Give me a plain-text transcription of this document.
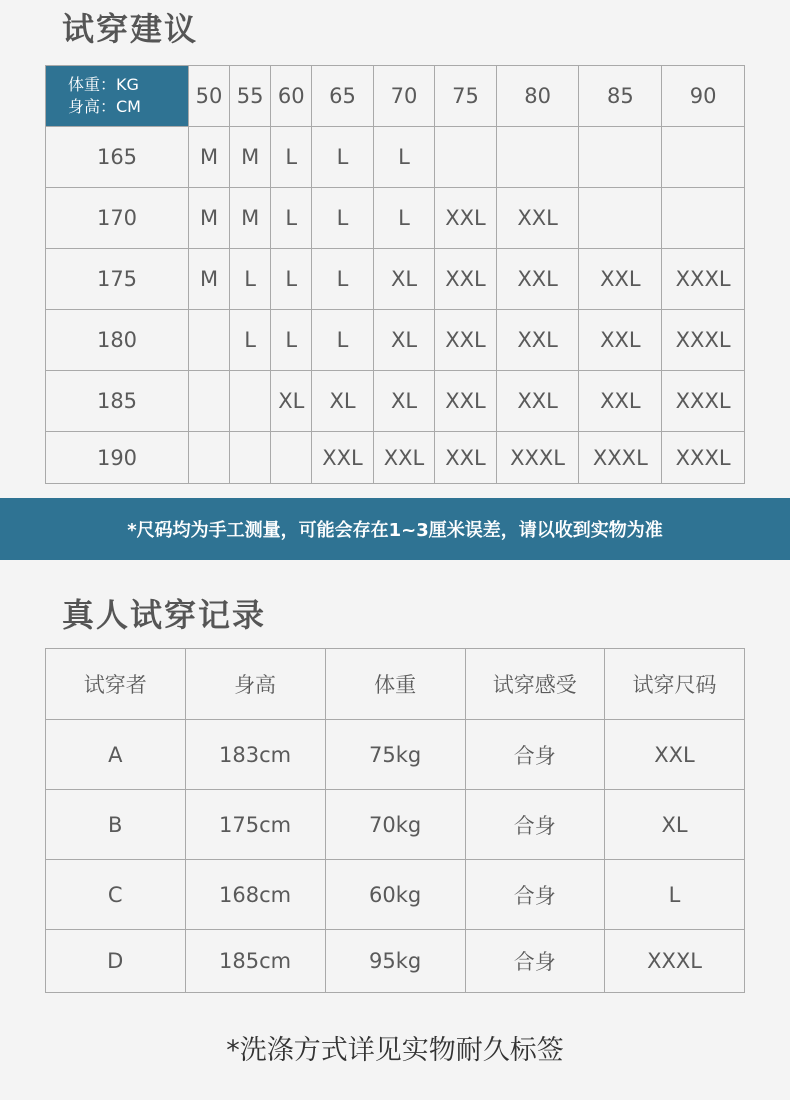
试穿建议
体重：KG
身高：CM	50	55	60	65	70	75	80	85	90
165	M	M	L	L	L				
170	M	M	L	L	L	XXL	XXL		
175	M	L	L	L	XL	XXL	XXL	XXL	XXXL
180		L	L	L	XL	XXL	XXL	XXL	XXXL
185			XL	XL	XL	XXL	XXL	XXL	XXXL
190				XXL	XXL	XXL	XXXL	XXXL	XXXL
*尺码均为手工测量，可能会存在1~3厘米误差，请以收到实物为准
真人试穿记录
试穿者	身高	体重	试穿感受	试穿尺码
A	183cm	75kg	合身	XXL
B	175cm	70kg	合身	XL
C	168cm	60kg	合身	L
D	185cm	95kg	合身	XXXL
*洗涤方式详见实物耐久标签
